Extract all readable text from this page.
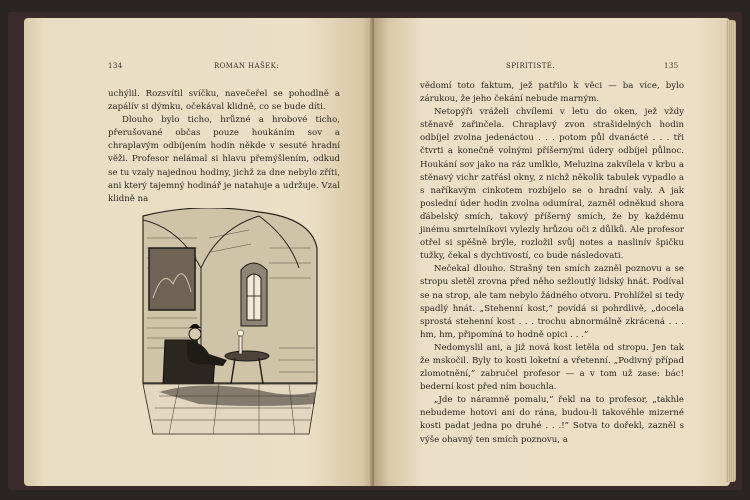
134	ROMAN HAŠEK:

uchýlil. Rozsvítil svíčku, navečeřel se pohodlně a zapálív si dýmku, očekával klidně, co se bude díti.

Dlouho bylo ticho, hrůzné a hrobové ticho, přerušované občas pouze houkáním sov a chraplavým odbíjením hodin někde v sesuté hradní věži. Profesor nelámal si hlavu přemýšlením, odkud se tu vzaly najednou hodiny, jichž za dne nebylo zříti, ani který tajemný hodinář je natahuje a udržuje. Vzal klidně na

SPIRITISTÉ.	135

vědomí toto faktum, jež patřilo k věci — ba více, bylo zárukou, že jeho čekání nebude marným.

Netopýři vráželi chvílemi v letu do oken, jež vždy stěnavě zařinčela. Chraplavý zvon strašidelných hodin odbíjel zvolna jedenáctou . . . potom půl dvanácté . . . tři čtvrti a konečně volnými příšernými údery odbíjel půlnoc. Houkání sov jako na ráz umlklo, Meluzina zakvílela v krbu a stěnavý vichr zatřásl okny, z nichž několik tabulek vypadlo a s naříkavým cinkotem rozbíjelo se o hradní valy. A jak poslední úder hodin zvolna odumíral, zazněl odněkud shora ďábelský smích, takový příšerný smích, že by každému jinému smrtelníkovi vylezly hrůzou oči z důlků. Ale profesor otřel si spěšně brýle, rozložil svůj notes a naslinív špičku tužky, čekal s dychtivostí, co bude následovati.

Nečekal dlouho. Strašný ten smích zazněl poznovu a se stropu sletěl zrovna před něho sežloutlý lidský hnát. Podíval se na strop, ale tam nebylo žádného otvoru. Prohlížel si tedy spadlý hnát. „Stehenní kost,” povídá si pohrdlivě, „docela sprostá stehenní kost . . . trochu abnormálně zkrácená . . . hm, hm, připomíná to hodně opici . . .”

Nedomyslil ani, a již nová kost letěla od stropu. Jen tak že mskočil. Byly to kosti loketní a vřetenní. „Podivný případ zlomotnění,” zabručel profesor — a v tom už zase: bác! bederní kost před ním bouchla.

„Jde to náramně pomalu,” řekl na to profesor, „takhle nebudeme hotovi ani do rána, budou-li takovéhle mizerné kosti padat jedna po druhé . . .!” Sotva to dořekl, zazněl s výše ohavný ten smích poznovu, a
